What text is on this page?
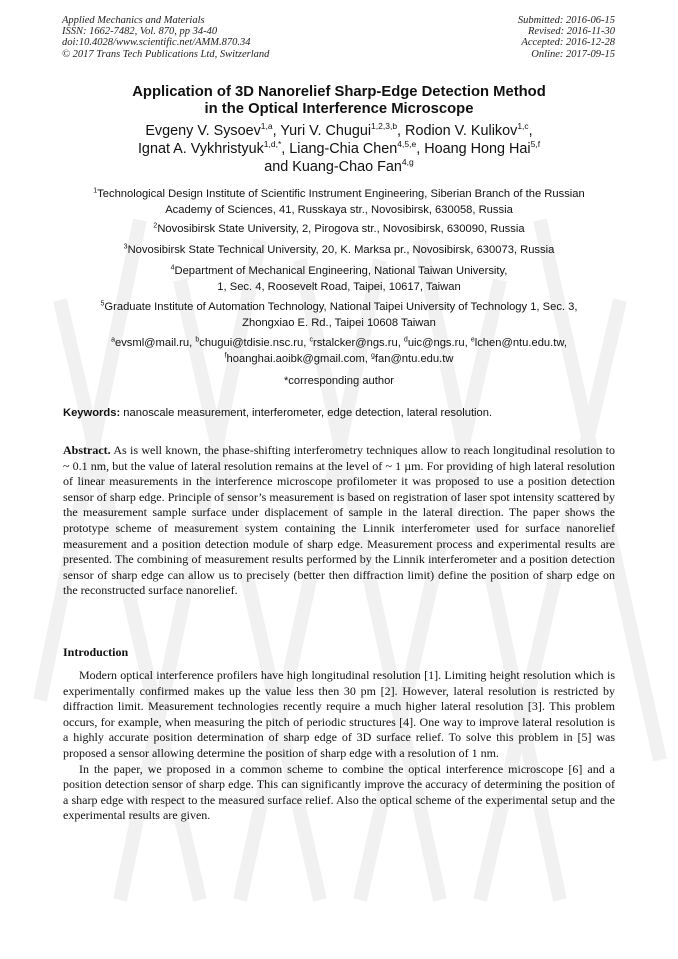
Applied Mechanics and Materials
ISSN: 1662-7482, Vol. 870, pp 34-40
doi:10.4028/www.scientific.net/AMM.870.34
© 2017 Trans Tech Publications Ltd, Switzerland
Submitted: 2016-06-15
Revised: 2016-11-30
Accepted: 2016-12-28
Online: 2017-09-15
Application of 3D Nanorelief Sharp-Edge Detection Method
in the Optical Interference Microscope
Evgeny V. Sysoev$^{1,a}$, Yuri V. Chugui$^{1,2,3,b}$, Rodion V. Kulikov$^{1,c}$,
Ignat A. Vykhristyuk$^{1,d,*}$, Liang-Chia Chen$^{4,5,e}$, Hoang Hong Hai$^{5,f}$
and Kuang-Chao Fan$^{4,g}$
$^1$Technological Design Institute of Scientific Instrument Engineering, Siberian Branch of the Russian
Academy of Sciences, 41, Russkaya str., Novosibirsk, 630058, Russia
$^2$Novosibirsk State University, 2, Pirogova str., Novosibirsk, 630090, Russia
$^3$Novosibirsk State Technical University, 20, K. Marksa pr., Novosibirsk, 630073, Russia
$^4$Department of Mechanical Engineering, National Taiwan University,
1, Sec. 4, Roosevelt Road, Taipei, 10617, Taiwan
$^5$Graduate Institute of Automation Technology, National Taipei University of Technology 1, Sec. 3,
Zhongxiao E. Rd., Taipei 10608 Taiwan
$^a$evsml@mail.ru, $^b$chugui@tdisie.nsc.ru, $^c$rstalcker@ngs.ru, $^d$uic@ngs.ru, $^e$lchen@ntu.edu.tw,
$^f$hoanghai.aoibk@gmail.com, $^g$fan@ntu.edu.tw
*corresponding author
Keywords: nanoscale measurement, interferometer, edge detection, lateral resolution.
Abstract. As is well known, the phase-shifting interferometry techniques allow to reach longitudinal resolution to ~ 0.1 nm, but the value of lateral resolution remains at the level of ~ 1 µm. For providing of high lateral resolution of linear measurements in the interference microscope profilometer it was proposed to use a position detection sensor of sharp edge. Principle of sensor’s measurement is based on registration of laser spot intensity scattered by the measurement sample surface under displacement of sample in the lateral direction. The paper shows the prototype scheme of measurement system containing the Linnik interferometer used for surface nanorelief measurement and a position detection module of sharp edge. Measurement process and experimental results are presented. The combining of measurement results performed by the Linnik interferometer and a position detection sensor of sharp edge can allow us to precisely (better then diffraction limit) define the position of sharp edge on the reconstructed surface nanorelief.
Introduction

Modern optical interference profilers have high longitudinal resolution [1]. Limiting height resolution which is experimentally confirmed makes up the value less then 30 pm [2]. However, lateral resolution is restricted by diffraction limit. Measurement technologies recently require a much higher lateral resolution [3]. This problem occurs, for example, when measuring the pitch of periodic structures [4]. One way to improve lateral resolution is a highly accurate position determination of sharp edge of 3D surface relief. To solve this problem in [5] was proposed a sensor allowing determine the position of sharp edge with a resolution of 1 nm.

In the paper, we proposed in a common scheme to combine the optical interference microscope [6] and a position detection sensor of sharp edge. This can significantly improve the accuracy of determining the position of a sharp edge with respect to the measured surface relief. Also the optical scheme of the experimental setup and the experimental results are given.
